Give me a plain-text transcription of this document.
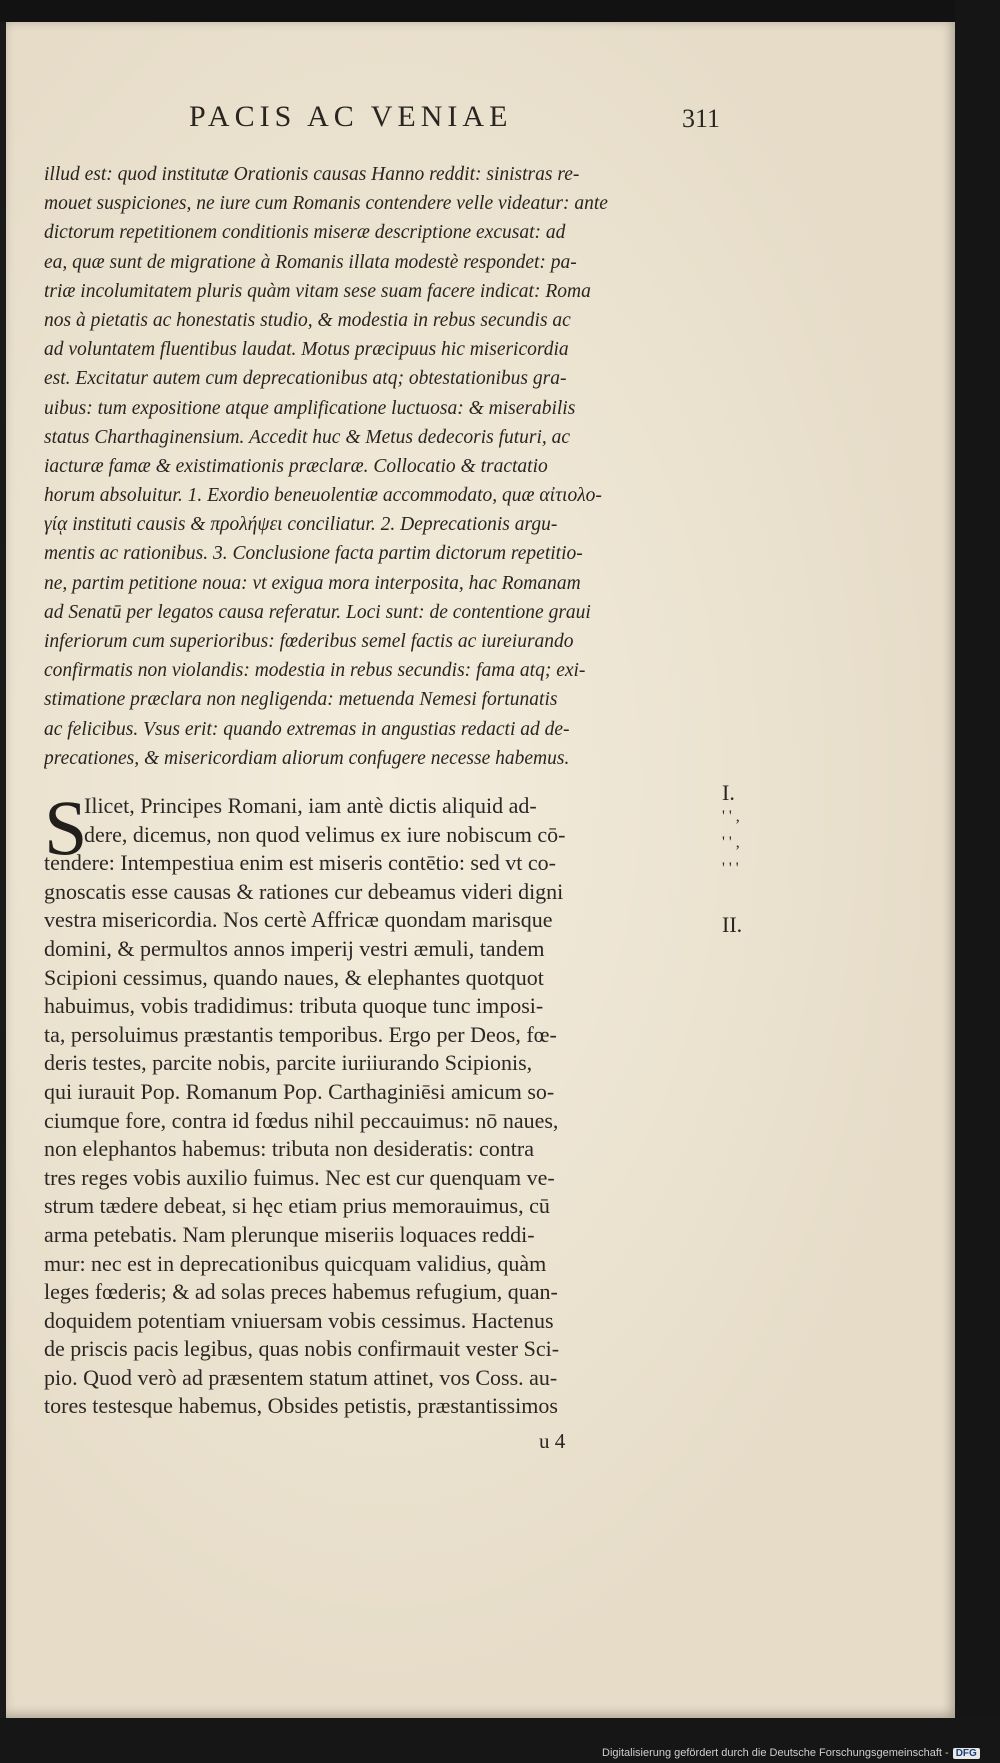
PACIS AC VENIAE	311
illud est: quod institutæ Orationis causas Hanno reddit: sinistras re-
mouet suspiciones, ne iure cum Romanis contendere velle videatur: ante
dictorum repetitionem conditionis miseræ descriptione excusat: ad
ea, quæ sunt de migratione à Romanis illata modestè respondet: pa-
triæ incolumitatem pluris quàm vitam sese suam facere indicat: Roma
nos à pietatis ac honestatis studio, & modestia in rebus secundis ac
ad voluntatem fluentibus laudat. Motus præcipuus hic misericordia
est. Excitatur autem cum deprecationibus atq; obtestationibus gra-
uibus: tum expositione atque amplificatione luctuosa: & miserabilis
status Charthaginensium. Accedit huc & Metus dedecoris futuri, ac
iacturæ famæ & existimationis præclaræ. Collocatio & tractatio
horum absoluitur. 1. Exordio beneuolentiæ accommodato, quæ αἰτιολο-
γίᾳ instituti causis & προλήψει conciliatur. 2. Deprecationis argu-
mentis ac rationibus. 3. Conclusione facta partim dictorum repetitio-
ne, partim petitione noua: vt exigua mora interposita, hac Romanam
ad Senatū per legatos causa referatur. Loci sunt: de contentione graui
inferiorum cum superioribus: fœderibus semel factis ac iureiurando
confirmatis non violandis: modestia in rebus secundis: fama atq; exi-
stimatione præclara non negligenda: metuenda Nemesi fortunatis
ac felicibus. Vsus erit: quando extremas in angustias redacti ad de-
precationes, & misericordiam aliorum confugere necesse habemus.
S
Ilicet, Principes Romani, iam antè dictis aliquid ad-
dere, dicemus, non quod velimus ex iure nobiscum cō-
tendere: Intempestiua enim est miseris contētio: sed vt co-
gnoscatis esse causas & rationes cur debeamus videri digni
vestra misericordia. Nos certè Affricæ quondam marisque
domini, & permultos annos imperij vestri æmuli, tandem
Scipioni cessimus, quando naues, & elephantes quotquot
habuimus, vobis tradidimus: tributa quoque tunc imposi-
ta, persoluimus præstantis temporibus. Ergo per Deos, fœ-
deris testes, parcite nobis, parcite iuriiurando Scipionis,
qui iurauit Pop. Romanum Pop. Carthaginiēsi amicum so-
ciumque fore, contra id fœdus nihil peccauimus: nō naues,
non elephantos habemus: tributa non desideratis: contra
tres reges vobis auxilio fuimus. Nec est cur quenquam ve-
strum tædere debeat, si hęc etiam prius memorauimus, cū
arma petebatis. Nam plerunque miseriis loquaces reddi-
mur: nec est in deprecationibus quicquam validius, quàm
leges fœderis; & ad solas preces habemus refugium, quan-
doquidem potentiam vniuersam vobis cessimus. Hactenus
de priscis pacis legibus, quas nobis confirmauit vester Sci-
pio. Quod verò ad præsentem statum attinet, vos Coss. au-
tores testesque habemus, Obsides petistis, præstantissimos
I.
' ' ,
' ' ,
' ' '
II.
u 4
Digitalisierung gefördert durch die Deutsche Forschungsgemeinschaft - DFG
